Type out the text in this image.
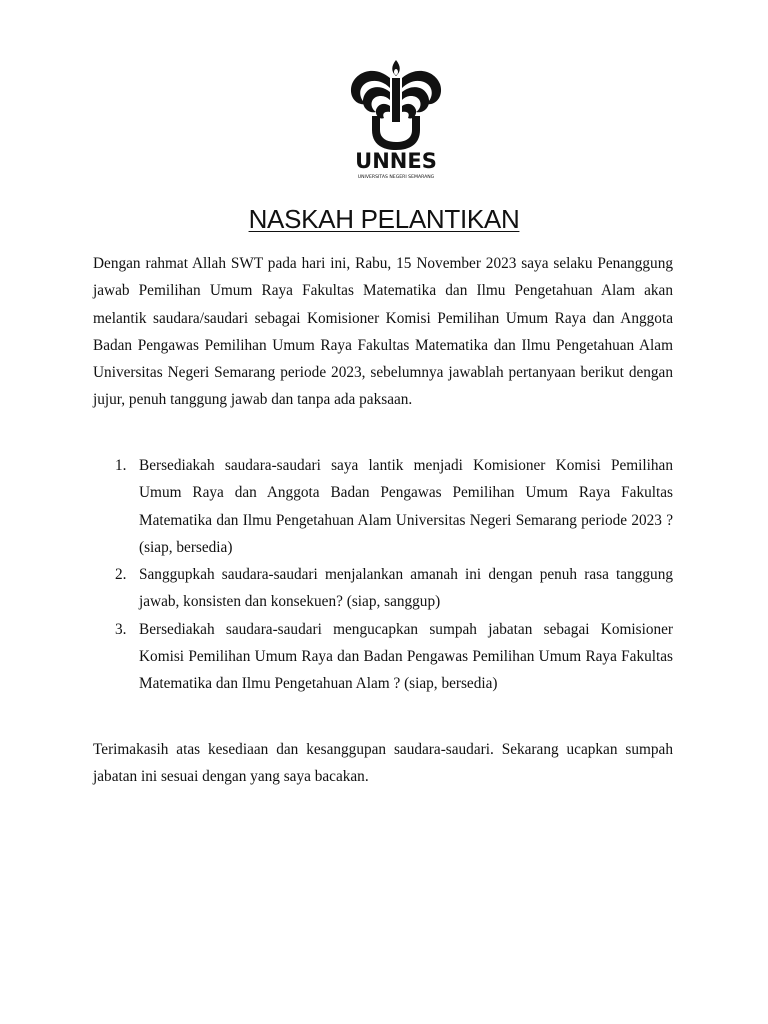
UNNES
UNIVERSITAS NEGERI SEMARANG
NASKAH PELANTIKAN

Dengan rahmat Allah SWT pada hari ini, Rabu, 15 November 2023 saya selaku Penanggung jawab Pemilihan Umum Raya Fakultas Matematika dan Ilmu Pengetahuan Alam akan melantik saudara/saudari sebagai Komisioner Komisi Pemilihan Umum Raya dan Anggota Badan Pengawas Pemilihan Umum Raya Fakultas Matematika dan Ilmu Pengetahuan Alam Universitas Negeri Semarang periode 2023, sebelumnya jawablah pertanyaan berikut dengan jujur, penuh tanggung jawab dan tanpa ada paksaan.

1. Bersediakah saudara-saudari saya lantik menjadi Komisioner Komisi Pemilihan Umum Raya dan Anggota Badan Pengawas Pemilihan Umum Raya Fakultas Matematika dan Ilmu Pengetahuan Alam Universitas Negeri Semarang periode 2023 ? (siap, bersedia)
2. Sanggupkah saudara-saudari menjalankan amanah ini dengan penuh rasa tanggung jawab, konsisten dan konsekuen? (siap, sanggup)
3. Bersediakah saudara-saudari mengucapkan sumpah jabatan sebagai Komisioner Komisi Pemilihan Umum Raya dan Badan Pengawas Pemilihan Umum Raya Fakultas Matematika dan Ilmu Pengetahuan Alam ? (siap, bersedia)

Terimakasih atas kesediaan dan kesanggupan saudara-saudari. Sekarang ucapkan sumpah jabatan ini sesuai dengan yang saya bacakan.
